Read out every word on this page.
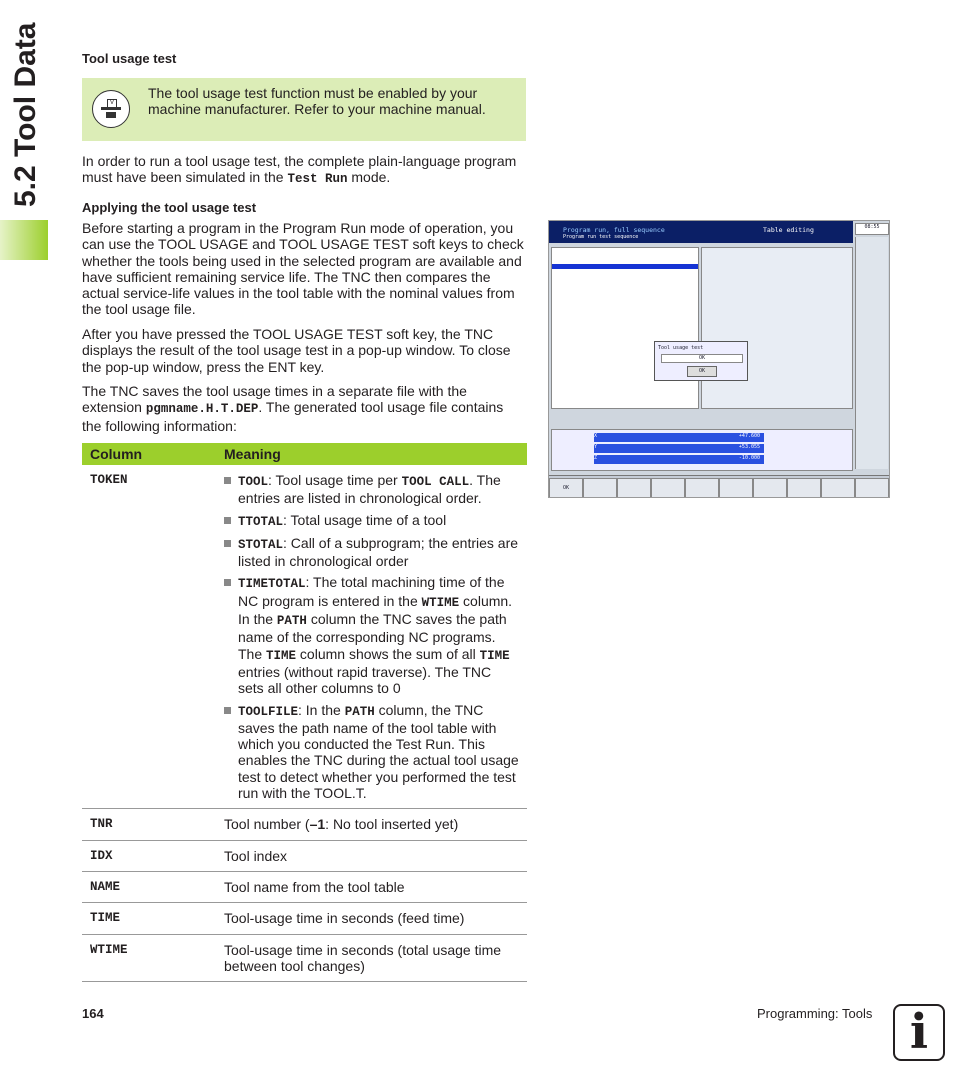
5.2 Tool Data	Tool usage test
V
The tool usage test function must be enabled by your machine manufacturer. Refer to your machine manual.
In order to run a tool usage test, the complete plain-language program must have been simulated in the Test Run mode.
Applying the tool usage test
Before starting a program in the Program Run mode of operation, you can use the TOOL USAGE and TOOL USAGE TEST soft keys to check whether the tools being used in the selected program are available and have sufficient remaining service life. The TNC then compares the actual service-life values in the tool table with the nominal values from the tool usage file.
After you have pressed the TOOL USAGE TEST soft key, the TNC displays the result of the tool usage test in a pop-up window. To close the pop-up window, press the ENT key.
The TNC saves the tool usage times in a separate file with the extension pgmname.H.T.DEP. The generated tool usage file contains the following information:
Column	Meaning
TOKEN	TOOL: Tool usage time per TOOL CALL. The entries are listed in chronological order.
TTOTAL: Total usage time of a tool
STOTAL: Call of a subprogram; the entries are listed in chronological order
TIMETOTAL: The total machining time of the NC program is entered in the WTIME column. In the PATH column the TNC saves the path name of the corresponding NC programs. The TIME column shows the sum of all TIME entries (without rapid traverse). The TNC sets all other columns to 0
TOOLFILE: In the PATH column, the TNC saves the path name of the tool table with which you conducted the Test Run. This enables the TNC during the actual tool usage test to detect whether you performed the test run with the TOOL.T.

TNR	Tool number (–1: No tool inserted yet)
IDX	Tool index
NAME	Tool name from the tool table
TIME	Tool-usage time in seconds (feed time)
WTIME	Tool-usage time in seconds (total usage time between tool changes)
Program run, full sequence
Program run test sequence
Table editing	08:55
Tool usage test
OK
OK
X	+47.600
Y	+53.055
Z	-10.000
OK
164	Programming: Tools i
